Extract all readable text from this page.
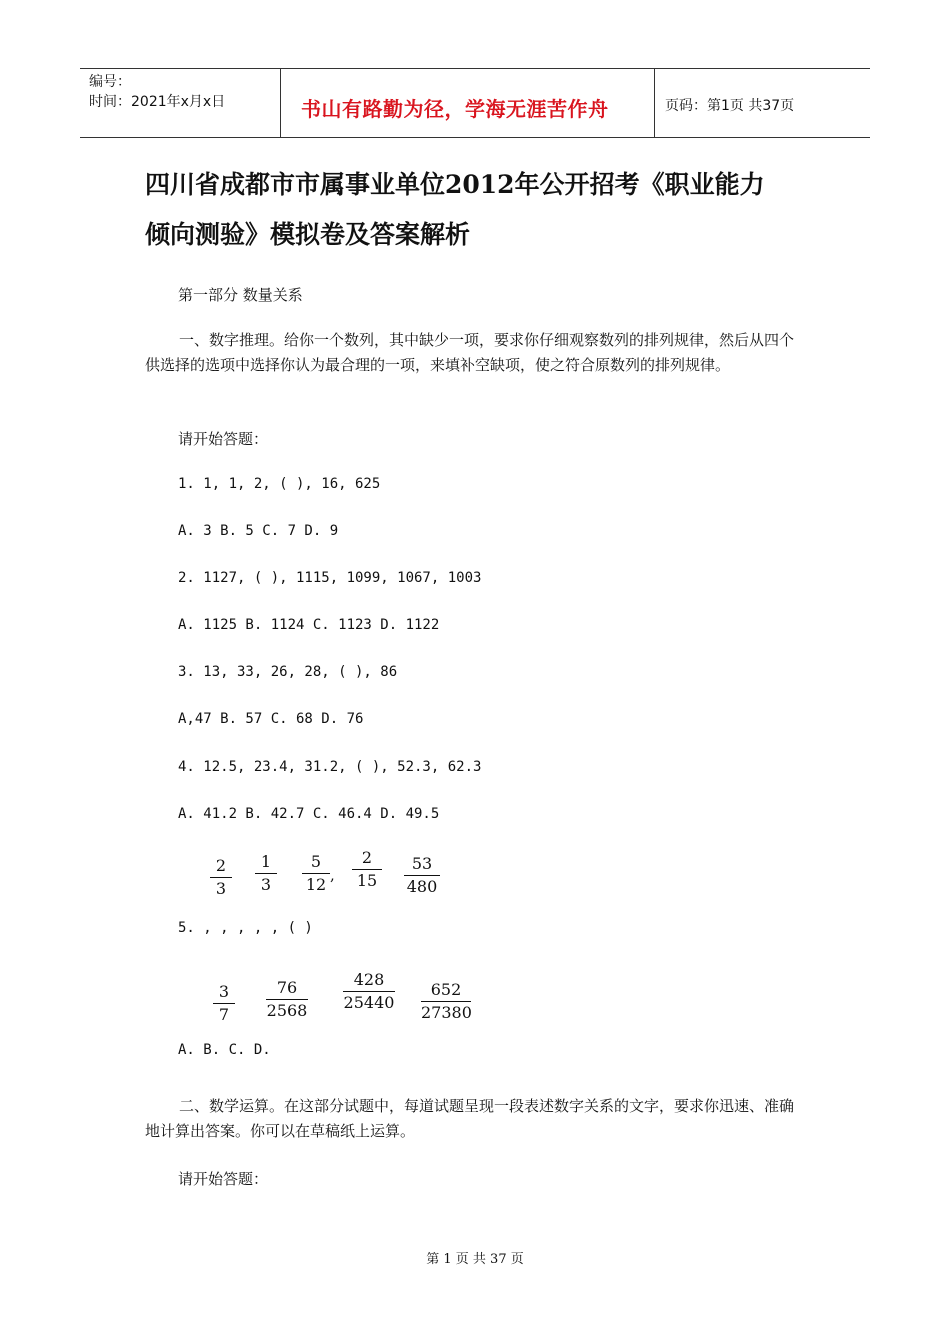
编号：
时间：2021年x月x日	书山有路勤为径，学海无涯苦作舟	页码：第1页 共37页
四川省成都市市属事业单位2012年公开招考《职业能力
倾向测验》模拟卷及答案解析
第一部分 数量关系
一、数字推理。给你一个数列，其中缺少一项，要求你仔细观察数列的排列规律，然后从四个供选择的选项中选择你认为最合理的一项，来填补空缺项，使之符合原数列的排列规律。
请开始答题：
1. 1, 1, 2, ( ), 16, 625
A. 3 B. 5 C. 7 D. 9
2. 1127, ( ), 1115, 1099, 1067, 1003
A. 1125 B. 1124 C. 1123 D. 1122
3. 13, 33, 26, 28, ( ), 86
A,47 B. 57 C. 68 D. 76
4. 12.5, 23.4, 31.2, ( ), 52.3, 62.3
A. 41.2 B. 42.7 C. 46.4 D. 49.5
2
3
1
3
5
12 ,
2
15
53
480
5. , , , , , ( )
3
7
76
2568
428
25440
652
27380
A. B. C. D.
二、数学运算。在这部分试题中，每道试题呈现一段表述数字关系的文字，要求你迅速、准确地计算出答案。你可以在草稿纸上运算。
请开始答题：
第 1 页 共 37 页
